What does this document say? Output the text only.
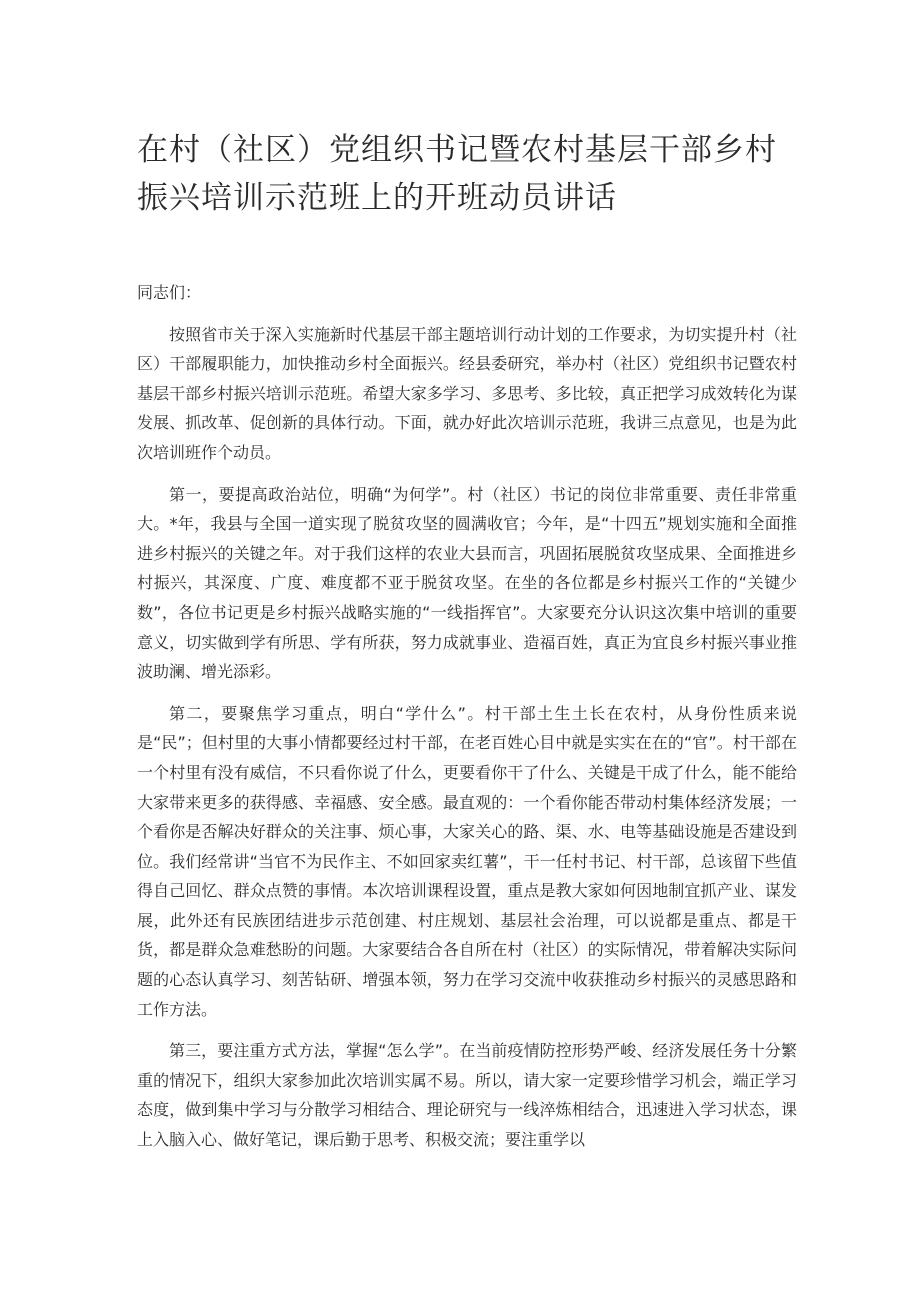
在村（社区）党组织书记暨农村基层干部乡村振兴培训示范班上的开班动员讲话

同志们：

按照省市关于深入实施新时代基层干部主题培训行动计划的工作要求，为切实提升村（社区）干部履职能力，加快推动乡村全面振兴。经县委研究，举办村（社区）党组织书记暨农村基层干部乡村振兴培训示范班。希望大家多学习、多思考、多比较，真正把学习成效转化为谋发展、抓改革、促创新的具体行动。下面，就办好此次培训示范班，我讲三点意见，也是为此次培训班作个动员。

第一，要提高政治站位，明确“为何学”。村（社区）书记的岗位非常重要、责任非常重大。*年，我县与全国一道实现了脱贫攻坚的圆满收官；今年，是“十四五”规划实施和全面推进乡村振兴的关键之年。对于我们这样的农业大县而言，巩固拓展脱贫攻坚成果、全面推进乡村振兴，其深度、广度、难度都不亚于脱贫攻坚。在坐的各位都是乡村振兴工作的“关键少数”，各位书记更是乡村振兴战略实施的“一线指挥官”。大家要充分认识这次集中培训的重要意义，切实做到学有所思、学有所获，努力成就事业、造福百姓，真正为宜良乡村振兴事业推波助澜、增光添彩。

第二，要聚焦学习重点，明白“学什么”。村干部土生土长在农村，从身份性质来说是“民”；但村里的大事小情都要经过村干部，在老百姓心目中就是实实在在的“官”。村干部在一个村里有没有威信，不只看你说了什么，更要看你干了什么、关键是干成了什么，能不能给大家带来更多的获得感、幸福感、安全感。最直观的：一个看你能否带动村集体经济发展；一个看你是否解决好群众的关注事、烦心事，大家关心的路、渠、水、电等基础设施是否建设到位。我们经常讲“当官不为民作主、不如回家卖红薯”，干一任村书记、村干部，总该留下些值得自己回忆、群众点赞的事情。本次培训课程设置，重点是教大家如何因地制宜抓产业、谋发展，此外还有民族团结进步示范创建、村庄规划、基层社会治理，可以说都是重点、都是干货，都是群众急难愁盼的问题。大家要结合各自所在村（社区）的实际情况，带着解决实际问题的心态认真学习、刻苦钻研、增强本领，努力在学习交流中收获推动乡村振兴的灵感思路和工作方法。

第三，要注重方式方法，掌握“怎么学”。在当前疫情防控形势严峻、经济发展任务十分繁重的情况下，组织大家参加此次培训实属不易。所以，请大家一定要珍惜学习机会，端正学习态度，做到集中学习与分散学习相结合、理论研究与一线淬炼相结合，迅速进入学习状态，课上入脑入心、做好笔记，课后勤于思考、积极交流；要注重学以
